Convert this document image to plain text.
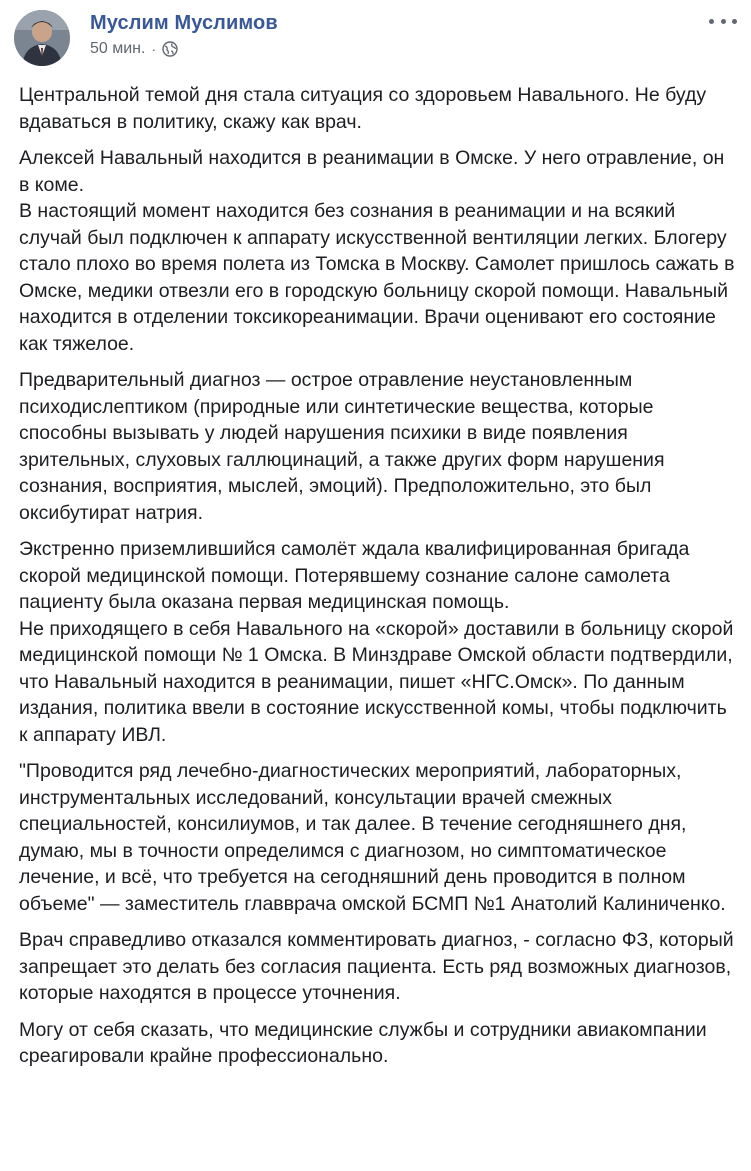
Муслим Муслимов
50 мин. ·

Центральной темой дня стала ситуация со здоровьем Навального. Не буду вдаваться в политику, скажу как врач.

Алексей Навальный находится в реанимации в Омске. У него отравление, он в коме.
В настоящий момент находится без сознания в реанимации и на всякий случай был подключен к аппарату искусственной вентиляции легких. Блогеру стало плохо во время полета из Томска в Москву. Самолет пришлось сажать в Омске, медики отвезли его в городскую больницу скорой помощи. Навальный находится в отделении токсикореанимации. Врачи оценивают его состояние как тяжелое.

Предварительный диагноз — острое отравление неустановленным психодислептиком (природные или синтетические вещества, которые способны вызывать у людей нарушения психики в виде появления зрительных, слуховых галлюцинаций, а также других форм нарушения сознания, восприятия, мыслей, эмоций). Предположительно, это был оксибутират натрия.

Экстренно приземлившийся самолёт ждала квалифицированная бригада скорой медицинской помощи. Потерявшему сознание салоне самолета пациенту была оказана первая медицинская помощь.
Не приходящего в себя Навального на «скорой» доставили в больницу скорой медицинской помощи № 1 Омска. В Минздраве Омской области подтвердили, что Навальный находится в реанимации, пишет «НГС.Омск». По данным издания, политика ввели в состояние искусственной комы, чтобы подключить к аппарату ИВЛ.

"Проводится ряд лечебно-диагностических мероприятий, лабораторных, инструментальных исследований, консультации врачей смежных специальностей, консилиумов, и так далее. В течение сегодняшнего дня, думаю, мы в точности определимся с диагнозом, но симптоматическое лечение, и всё, что требуется на сегодняшний день проводится в полном объеме" — заместитель главврача омской БСМП №1 Анатолий Калиниченко.

Врач справедливо отказался комментировать диагноз, - согласно ФЗ, который запрещает это делать без согласия пациента. Есть ряд возможных диагнозов, которые находятся в процессе уточнения.

Могу от себя сказать, что медицинские службы и сотрудники авиакомпании среагировали крайне профессионально.
